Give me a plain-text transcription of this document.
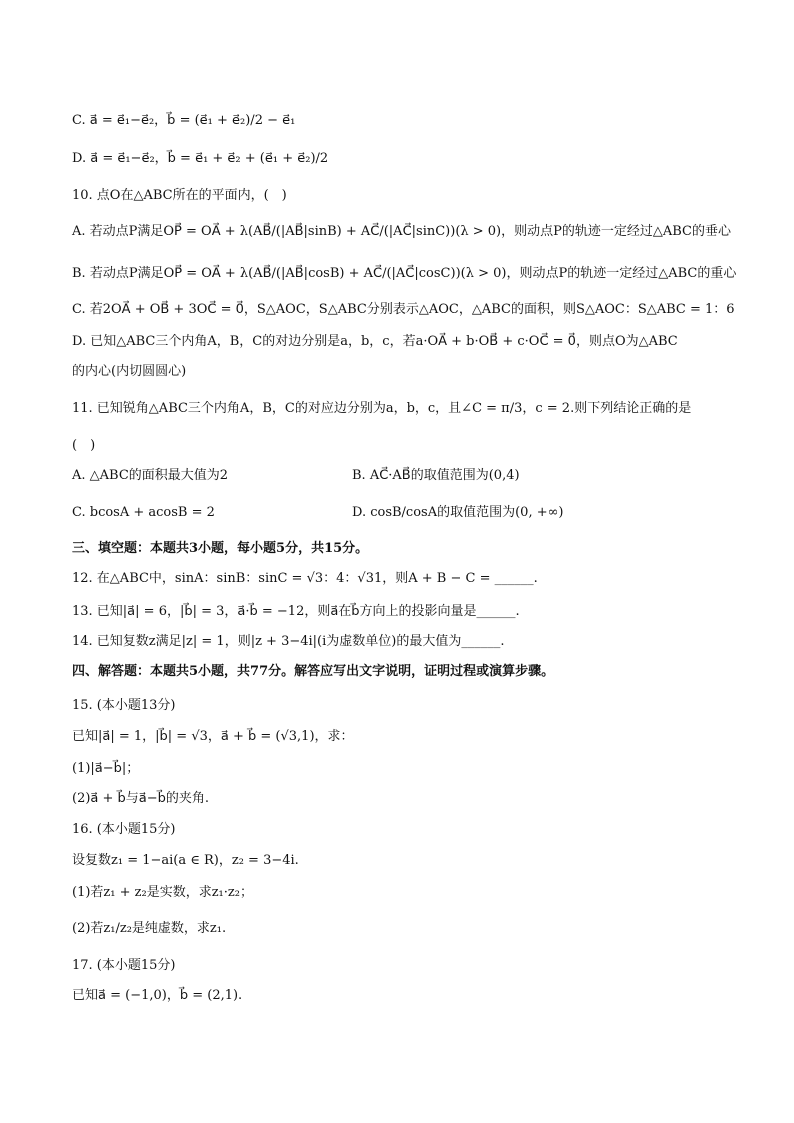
C. a⃗ = e⃗₁−e⃗₂，b⃗ = (e⃗₁ + e⃗₂)/2 − e⃗₁
D. a⃗ = e⃗₁−e⃗₂，b⃗ = e⃗₁ + e⃗₂ + (e⃗₁ + e⃗₂)/2
10. 点O在△ABC所在的平面内，(　)
A. 若动点P满足OP⃗ = OA⃗ + λ(AB⃗/(|AB⃗|sinB) + AC⃗/(|AC⃗|sinC))(λ > 0)，则动点P的轨迹一定经过△ABC的垂心
B. 若动点P满足OP⃗ = OA⃗ + λ(AB⃗/(|AB⃗|cosB) + AC⃗/(|AC⃗|cosC))(λ > 0)，则动点P的轨迹一定经过△ABC的重心
C. 若2OA⃗ + OB⃗ + 3OC⃗ = 0⃗，S△AOC，S△ABC分别表示△AOC，△ABC的面积，则S△AOC：S△ABC = 1：6
D. 已知△ABC三个内角A，B，C的对边分别是a，b，c，若a·OA⃗ + b·OB⃗ + c·OC⃗ = 0⃗，则点O为△ABC
的内心(内切圆圆心)
11. 已知锐角△ABC三个内角A，B，C的对应边分别为a，b，c，且∠C = π/3，c = 2.则下列结论正确的是
(　)
A. △ABC的面积最大值为2	B. AC⃗·AB⃗的取值范围为(0,4)
C. bcosA + acosB = 2	D. cosB/cosA的取值范围为(0, +∞)
三、填空题：本题共3小题，每小题5分，共15分。
12. 在△ABC中，sinA：sinB：sinC = √3：4：√31，则A + B − C = ______.
13. 已知|a⃗| = 6，|b⃗| = 3，a⃗·b⃗ = −12，则a⃗在b⃗方向上的投影向量是______.
14. 已知复数z满足|z| = 1，则|z + 3−4i|(i为虚数单位)的最大值为______.
四、解答题：本题共5小题，共77分。解答应写出文字说明，证明过程或演算步骤。
15. (本小题13分)
已知|a⃗| = 1，|b⃗| = √3，a⃗ + b⃗ = (√3,1)，求：
(1)|a⃗−b⃗|；
(2)a⃗ + b⃗与a⃗−b⃗的夹角.
16. (本小题15分)
设复数z₁ = 1−ai(a ∈ R)，z₂ = 3−4i.
(1)若z₁ + z₂是实数，求z₁·z₂；
(2)若z₁/z₂是纯虚数，求z₁.
17. (本小题15分)
已知a⃗ = (−1,0)，b⃗ = (2,1).
